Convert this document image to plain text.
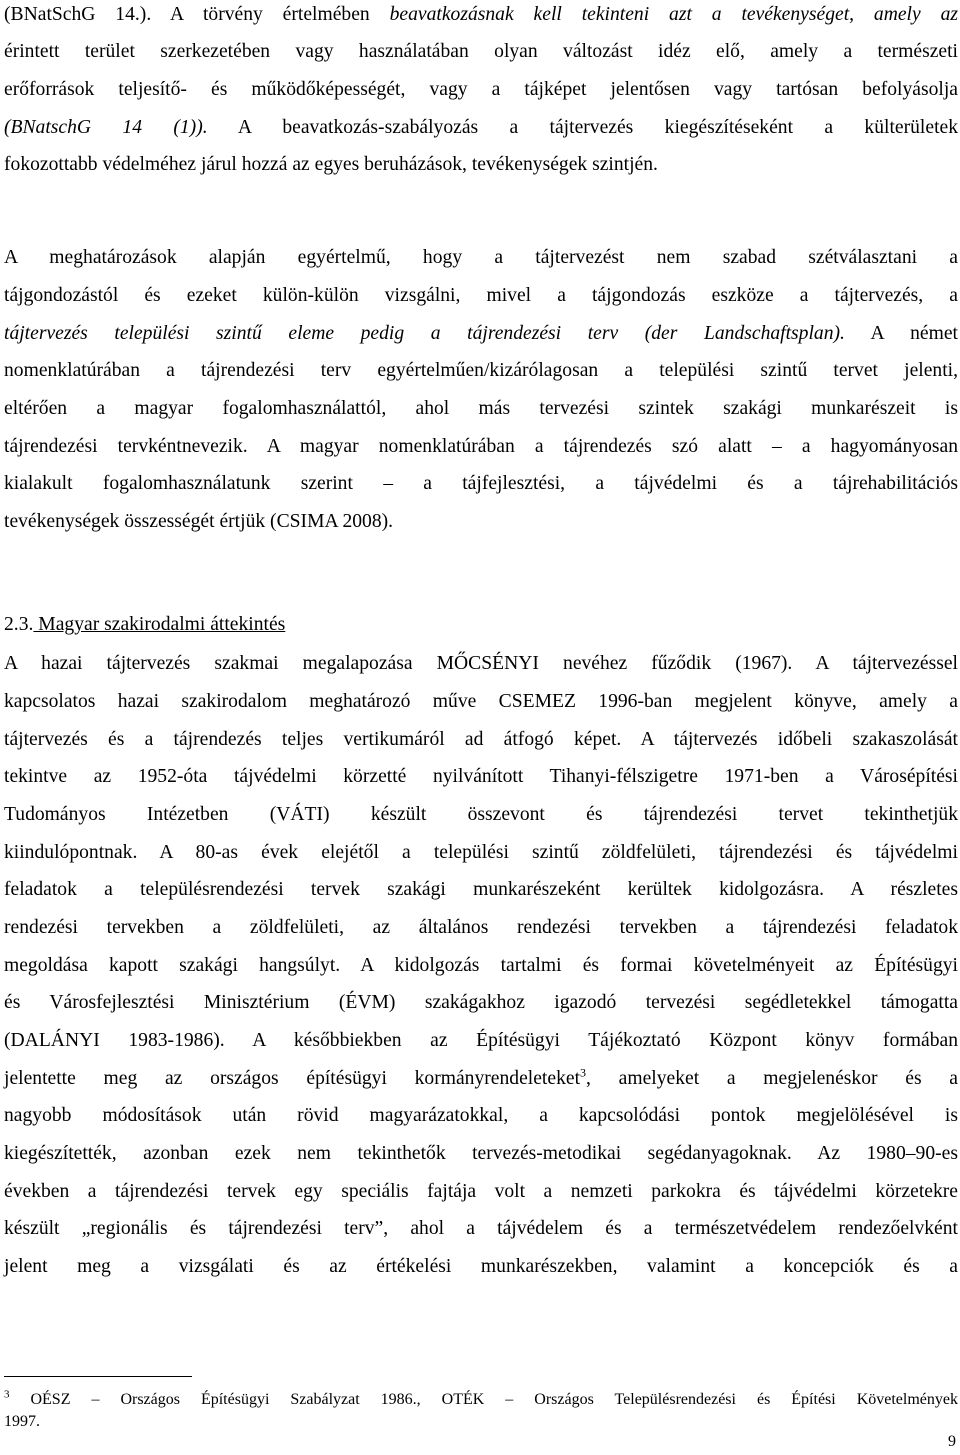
(BNatSchG 14.). A törvény értelmében beavatkozásnak kell tekinteni azt a tevékenységet, amely az
érintett terület szerkezetében vagy használatában olyan változást idéz elő, amely a természeti
erőforrások teljesítő- és működőképességét, vagy a tájképet jelentősen vagy tartósan befolyásolja
(BNatschG 14 (1)). A beavatkozás-szabályozás a tájtervezés kiegészítéseként a külterületek
fokozottabb védelméhez járul hozzá az egyes beruházások, tevékenységek szintjén.
A meghatározások alapján egyértelmű, hogy a tájtervezést nem szabad szétválasztani a
tájgondozástól és ezeket külön-külön vizsgálni, mivel a tájgondozás eszköze a tájtervezés, a
tájtervezés települési szintű eleme pedig a tájrendezési terv (der Landschaftsplan). A német
nomenklatúrában a tájrendezési terv egyértelműen/kizárólagosan a települési szintű tervet jelenti,
eltérően a magyar fogalomhasználattól, ahol más tervezési szintek szakági munkarészeit is
tájrendezési tervkéntnevezik. A magyar nomenklatúrában a tájrendezés szó alatt – a hagyományosan
kialakult fogalomhasználatunk szerint – a tájfejlesztési, a tájvédelmi és a tájrehabilitációs
tevékenységek összességét értjük (CSIMA 2008).
2.3. Magyar szakirodalmi áttekintés
A hazai tájtervezés szakmai megalapozása MŐCSÉNYI nevéhez fűződik (1967). A tájtervezéssel
kapcsolatos hazai szakirodalom meghatározó műve CSEMEZ 1996-ban megjelent könyve, amely a
tájtervezés és a tájrendezés teljes vertikumáról ad átfogó képet. A tájtervezés időbeli szakaszolását
tekintve az 1952-óta tájvédelmi körzetté nyilvánított Tihanyi-félszigetre 1971-ben a Városépítési
Tudományos Intézetben (VÁTI) készült összevont és tájrendezési tervet tekinthetjük
kiindulópontnak. A 80-as évek elejétől a települési szintű zöldfelületi, tájrendezési és tájvédelmi
feladatok a településrendezési tervek szakági munkarészeként kerültek kidolgozásra. A részletes
rendezési tervekben a zöldfelületi, az általános rendezési tervekben a tájrendezési feladatok
megoldása kapott szakági hangsúlyt. A kidolgozás tartalmi és formai követelményeit az Építésügyi
és Városfejlesztési Minisztérium (ÉVM) szakágakhoz igazodó tervezési segédletekkel támogatta
(DALÁNYI 1983-1986). A későbbiekben az Építésügyi Tájékoztató Központ könyv formában
jelentette meg az országos építésügyi kormányrendeleteket$^3$, amelyeket a megjelenéskor és a
nagyobb módosítások után rövid magyarázatokkal, a kapcsolódási pontok megjelölésével is
kiegészítették, azonban ezek nem tekinthetők tervezés-metodikai segédanyagoknak. Az 1980–90-es
években a tájrendezési tervek egy speciális fajtája volt a nemzeti parkokra és tájvédelmi körzetekre
készült „regionális és tájrendezési terv”, ahol a tájvédelem és a természetvédelem rendezőelvként
jelent meg a vizsgálati és az értékelési munkarészekben, valamint a koncepciók és a
$^3$ OÉSZ – Országos Építésügyi Szabályzat 1986., OTÉK – Országos Településrendezési és Építési Követelmények
1997.
9
